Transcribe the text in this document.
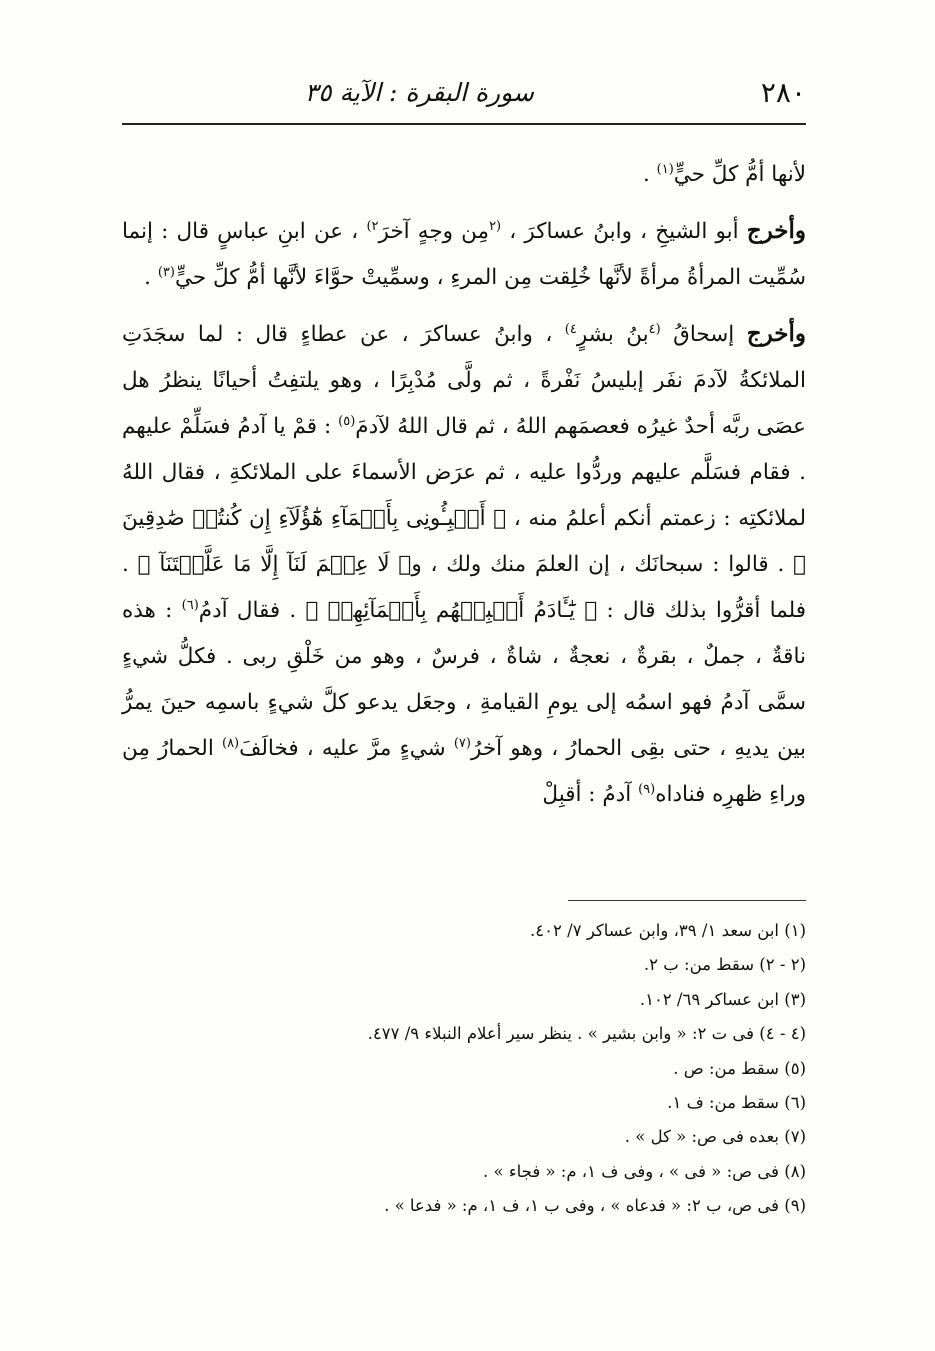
٢٨٠
سورة البقرة : الآية ٣٥

لأنها أمُّ كلِّ حيٍّ$^{(١)}$ .

وأخرج أبو الشيخِ ، وابنُ عساكرَ ، $^{(٢}$مِن وجهٍ آخرَ$^{٢)}$ ، عن ابنِ عباسٍ قال : إنما سُمِّيت المرأةُ مرأةً لأنَّها خُلِقت مِن المرءِ ، وسمِّيتْ حوَّاءَ لأنَّها أمُّ كلِّ حيٍّ$^{(٣)}$ .

وأخرج إسحاقُ $^{(٤}$بنُ بشرٍ$^{٤)}$ ، وابنُ عساكرَ ، عن عطاءٍ قال : لما سجَدَتِ الملائكةُ لآدمَ نفَر إبليسُ نَفْرةً ، ثم ولَّى مُدْبِرًا ، وهو يلتفِتُ أحيانًا ينظرُ هل عصَى ربَّه أحدٌ غيرُه فعصمَهم اللهُ ، ثم قال اللهُ لآدمَ$^{(٥)}$ : قمْ يا آدمُ فسَلِّمْ عليهم . فقام فسَلَّم عليهم وردُّوا عليه ، ثم عرَض الأسماءَ على الملائكةِ ، فقال اللهُ لملائكتِه : زعمتم أنكم أعلمُ منه ، ﴿ أَنۢبِـُٔونِى بِأَسۡمَآءِ هَٰٓؤُلَآءِ إِن كُنتُمۡ صَٰدِقِينَ ﴾ . قالوا : سبحانَك ، إن العلمَ منك ولك ، و﴿ لَا عِلۡمَ لَنَآ إِلَّا مَا عَلَّمۡتَنَآ ﴾ . فلما أقرُّوا بذلك قال : ﴿ يَٰٓـَٔادَمُ أَنۢبِئۡهُم بِأَسۡمَآئِهِمۡ ﴾ . فقال آدمُ$^{(٦)}$ : هذه ناقةٌ ، جملٌ ، بقرةٌ ، نعجةٌ ، شاةٌ ، فرسٌ ، وهو من خَلْقِ ربى . فكلُّ شيءٍ سمَّى آدمُ فهو اسمُه إلى يومِ القيامةِ ، وجعَل يدعو كلَّ شيءٍ باسمِه حينَ يمرُّ بين يديهِ ، حتى بقِى الحمارُ ، وهو آخرُ$^{(٧)}$ شيءٍ مرَّ عليه ، فخالَفَ$^{(٨)}$ الحمارُ مِن وراءِ ظهرِه فناداه$^{(٩)}$ آدمُ : أقبِلْ

(١) ابن سعد ١/ ٣٩، وابن عساكر ٧/ ٤٠٢.
(٢ - ٢) سقط من: ب ٢.
(٣) ابن عساكر ٦٩/ ١٠٢.
(٤ - ٤) فى ت ٢: « وابن بشير » . ينظر سير أعلام النبلاء ٩/ ٤٧٧.
(٥) سقط من: ص .
(٦) سقط من: ف ١.
(٧) بعده فى ص: « كل » .
(٨) فى ص: « فى » ، وفى ف ١، م: « فجاء » .
(٩) فى ص، ب ٢: « فدعاه » ، وفى ب ١، ف ١، م: « فدعا » .
